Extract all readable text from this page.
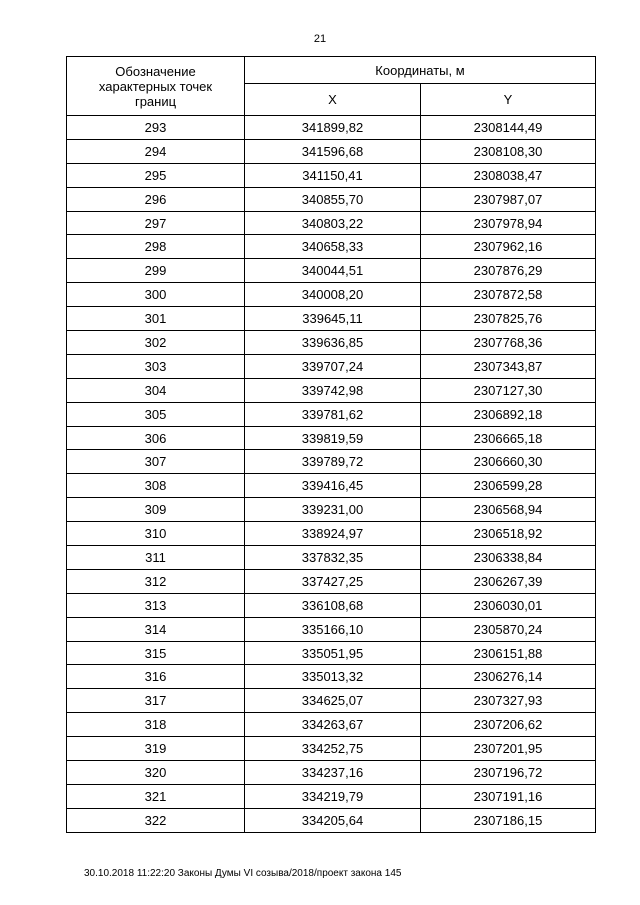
21
Обозначение
характерных точек
границ	Координаты, м	
	X	Y
293	341899,82	2308144,49
294	341596,68	2308108,30
295	341150,41	2308038,47
296	340855,70	2307987,07
297	340803,22	2307978,94
298	340658,33	2307962,16
299	340044,51	2307876,29
300	340008,20	2307872,58
301	339645,11	2307825,76
302	339636,85	2307768,36
303	339707,24	2307343,87
304	339742,98	2307127,30
305	339781,62	2306892,18
306	339819,59	2306665,18
307	339789,72	2306660,30
308	339416,45	2306599,28
309	339231,00	2306568,94
310	338924,97	2306518,92
311	337832,35	2306338,84
312	337427,25	2306267,39
313	336108,68	2306030,01
314	335166,10	2305870,24
315	335051,95	2306151,88
316	335013,32	2306276,14
317	334625,07	2307327,93
318	334263,67	2307206,62
319	334252,75	2307201,95
320	334237,16	2307196,72
321	334219,79	2307191,16
322	334205,64	2307186,15
30.10.2018 11:22:20 Законы Думы VI созыва/2018/проект закона 145
